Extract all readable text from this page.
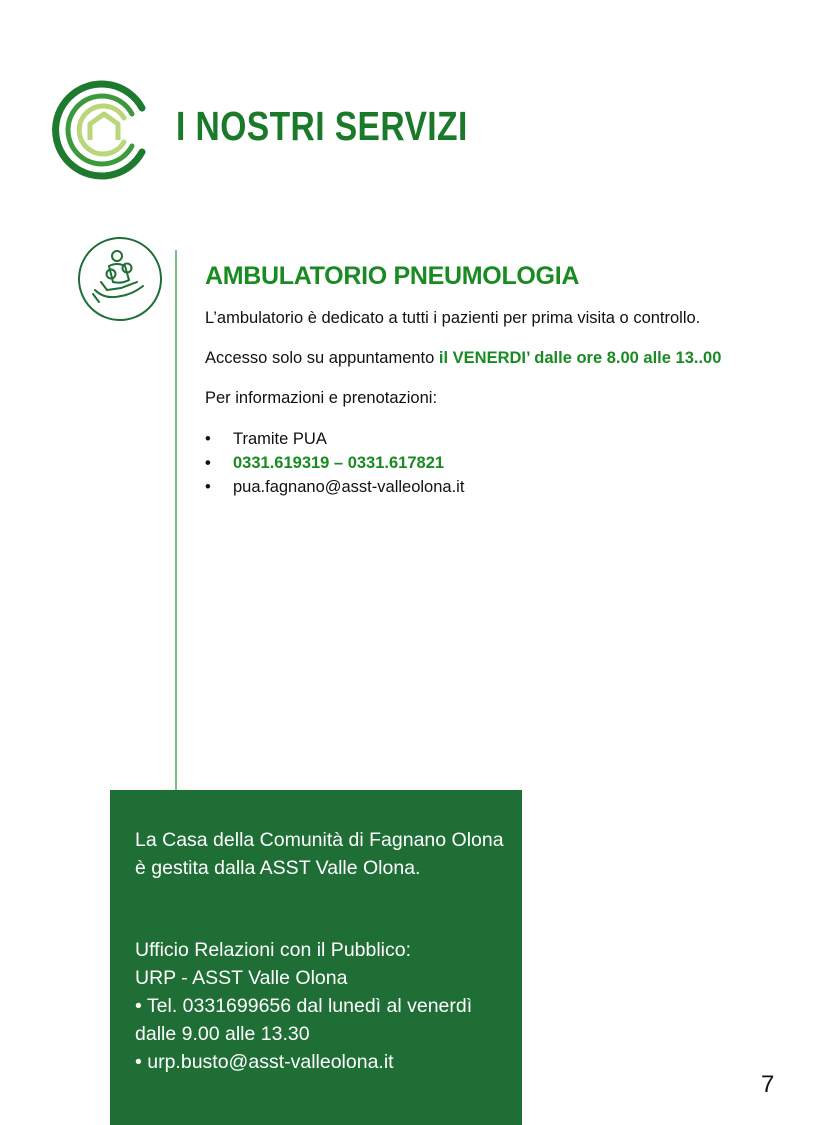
I NOSTRI SERVIZI
AMBULATORIO PNEUMOLOGIA

L’ambulatorio è dedicato a tutti i pazienti per prima visita o controllo.

Accesso solo su appuntamento il VENERDI’ dalle ore 8.00 alle 13..00

Per informazioni e prenotazioni:

• Tramite PUA
• 0331.619319 – 0331.617821
• pua.fagnano@asst-valleolona.it
La Casa della Comunità di Fagnano Olona
è gestita dalla ASST Valle Olona.
Ufficio Relazioni con il Pubblico:
URP - ASST Valle Olona
• Tel. 0331699656 dal lunedì al venerdì
dalle 9.00 alle 13.30
• urp.busto@asst-valleolona.it
7
